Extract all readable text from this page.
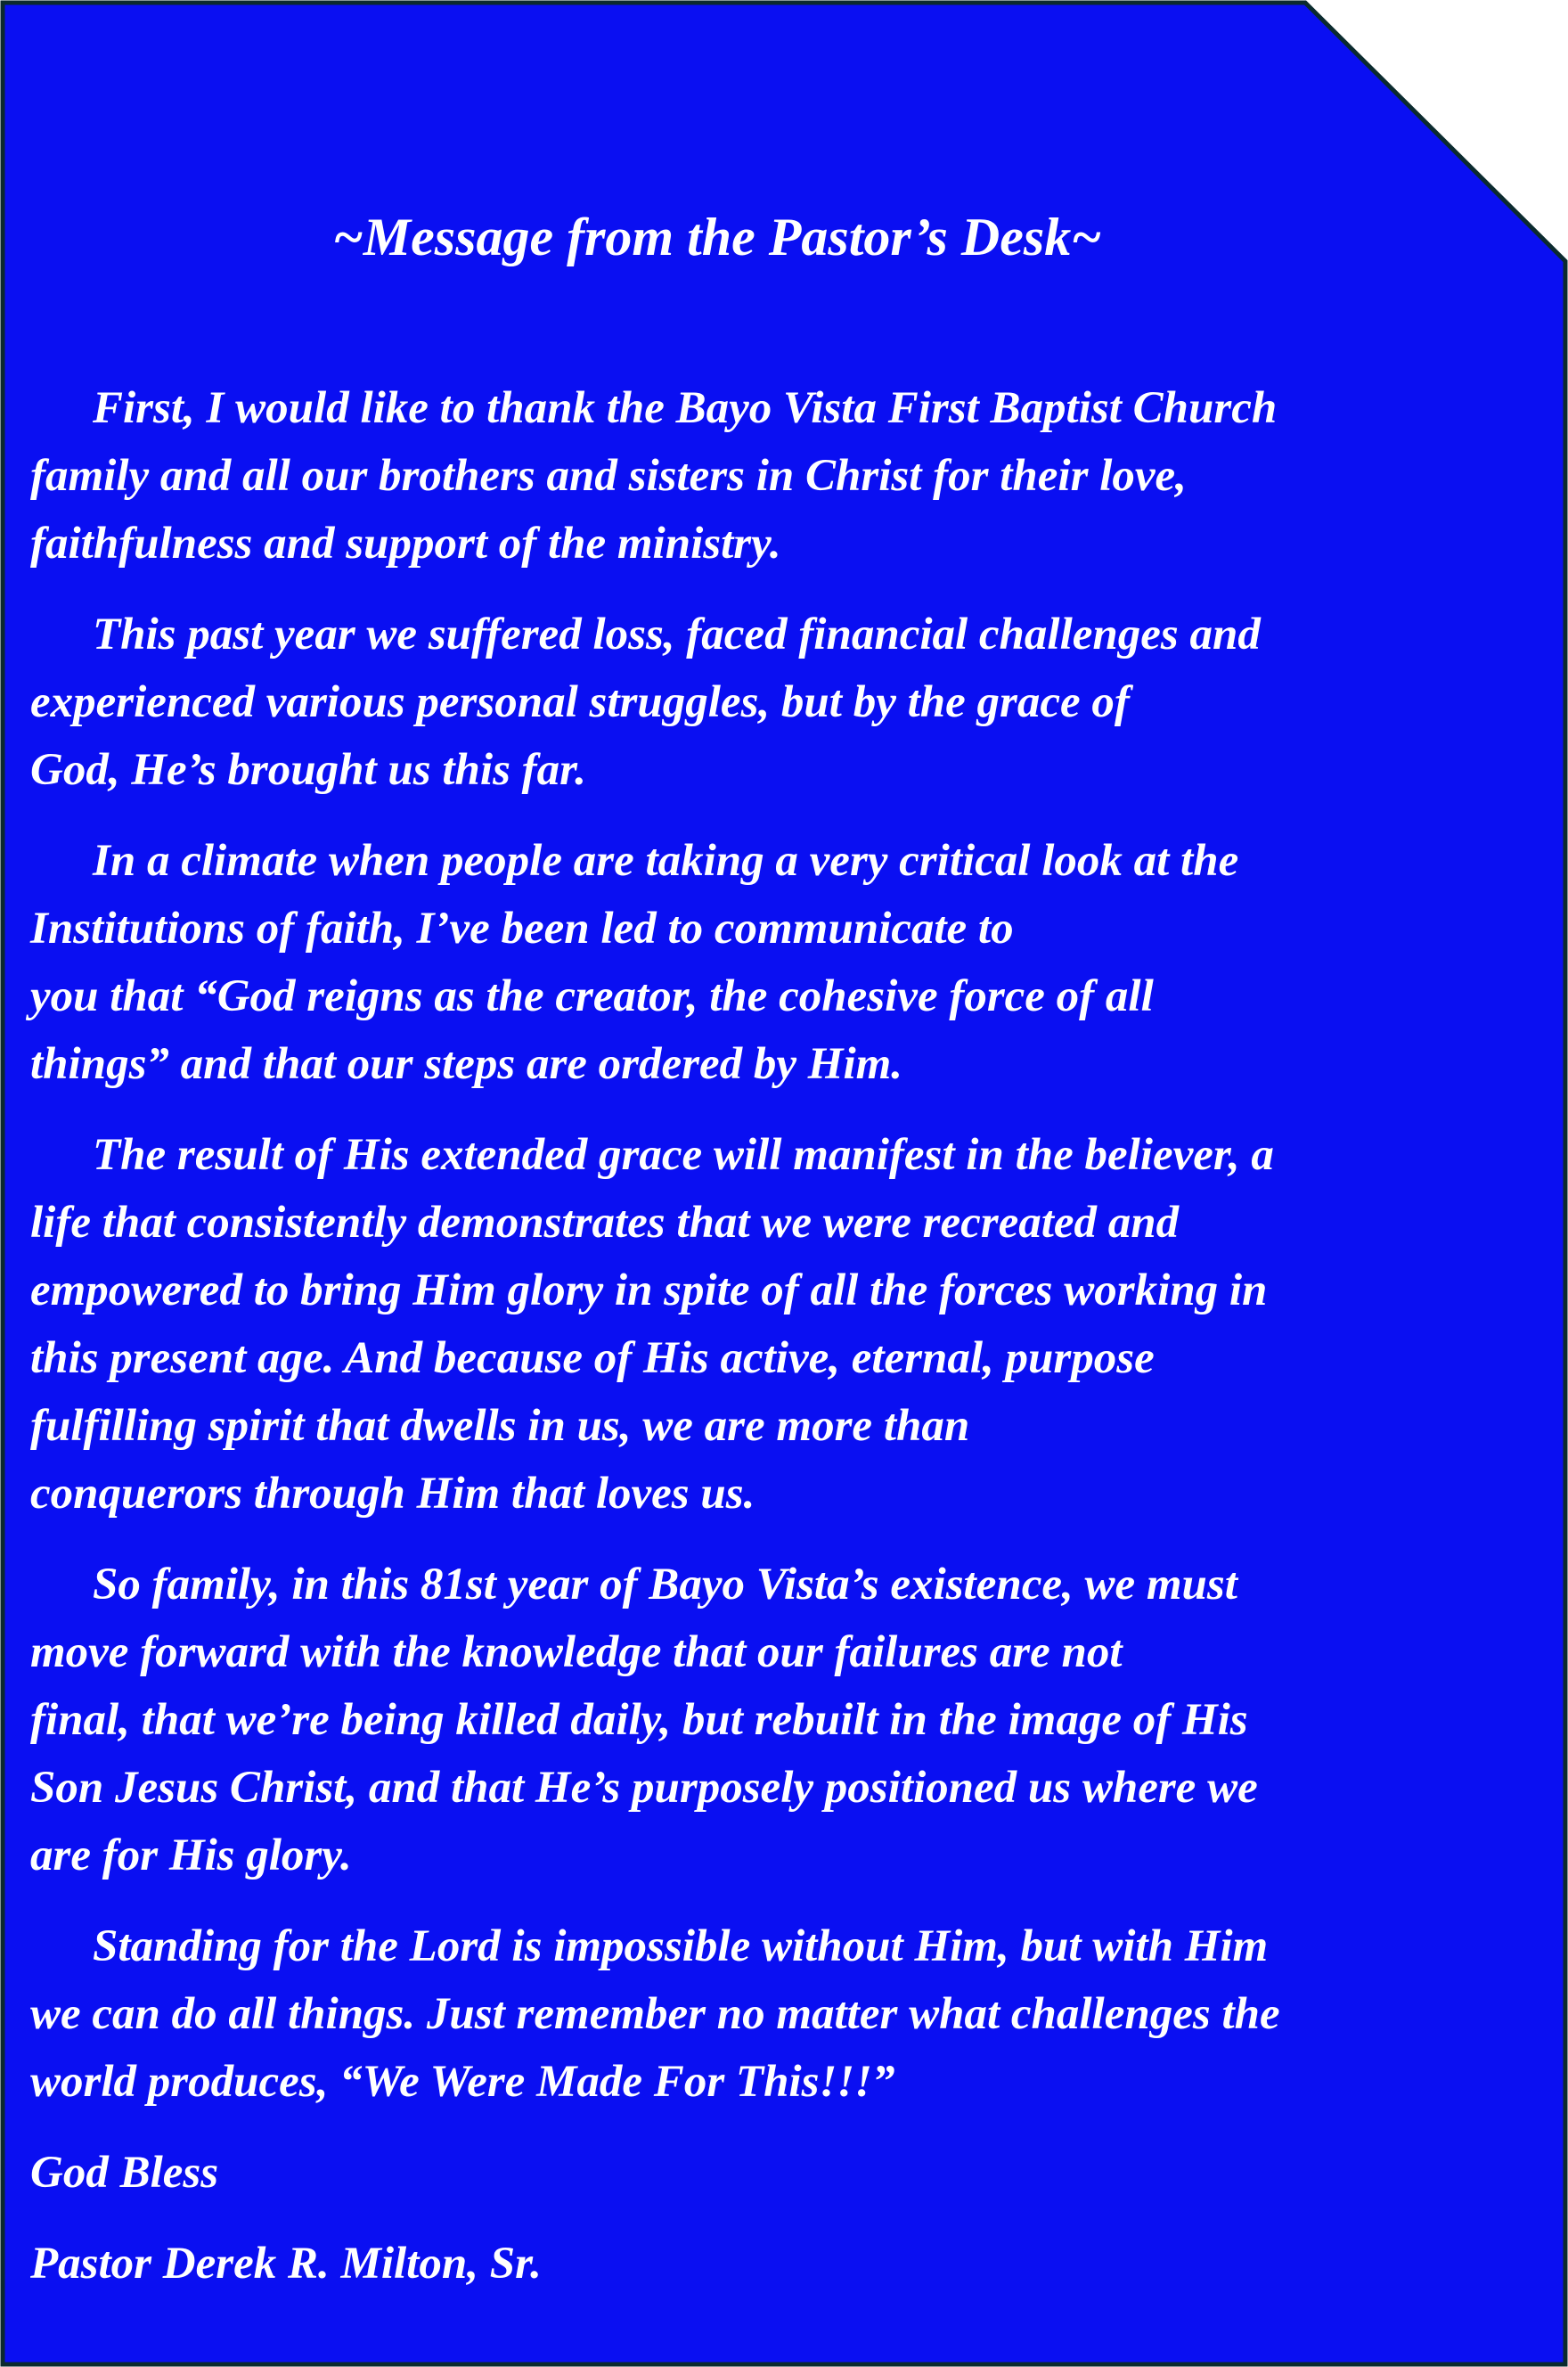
~Message from the Pastor’s Desk~

First, I would like to thank the Bayo Vista First Baptist Church
family and all our brothers and sisters in Christ for their love,
faithfulness and support of the ministry.

This past year we suffered loss, faced financial challenges and
experienced various personal struggles, but by the grace of
God, He’s brought us this far.

In a climate when people are taking a very critical look at the
Institutions of faith, I’ve been led to communicate to
you that “God reigns as the creator, the cohesive force of all
things” and that our steps are ordered by Him.

The result of His extended grace will manifest in the believer, a
life that consistently demonstrates that we were recreated and
empowered to bring Him glory in spite of all the forces working in
this present age. And because of His active, eternal, purpose
fulfilling spirit that dwells in us, we are more than
conquerors through Him that loves us.

So family, in this 81st year of Bayo Vista’s existence, we must
move forward with the knowledge that our failures are not
final, that we’re being killed daily, but rebuilt in the image of His
Son Jesus Christ, and that He’s purposely positioned us where we
are for His glory.

Standing for the Lord is impossible without Him, but with Him
we can do all things. Just remember no matter what challenges the
world produces, “We Were Made For This!!!”

God Bless

Pastor Derek R. Milton, Sr.
